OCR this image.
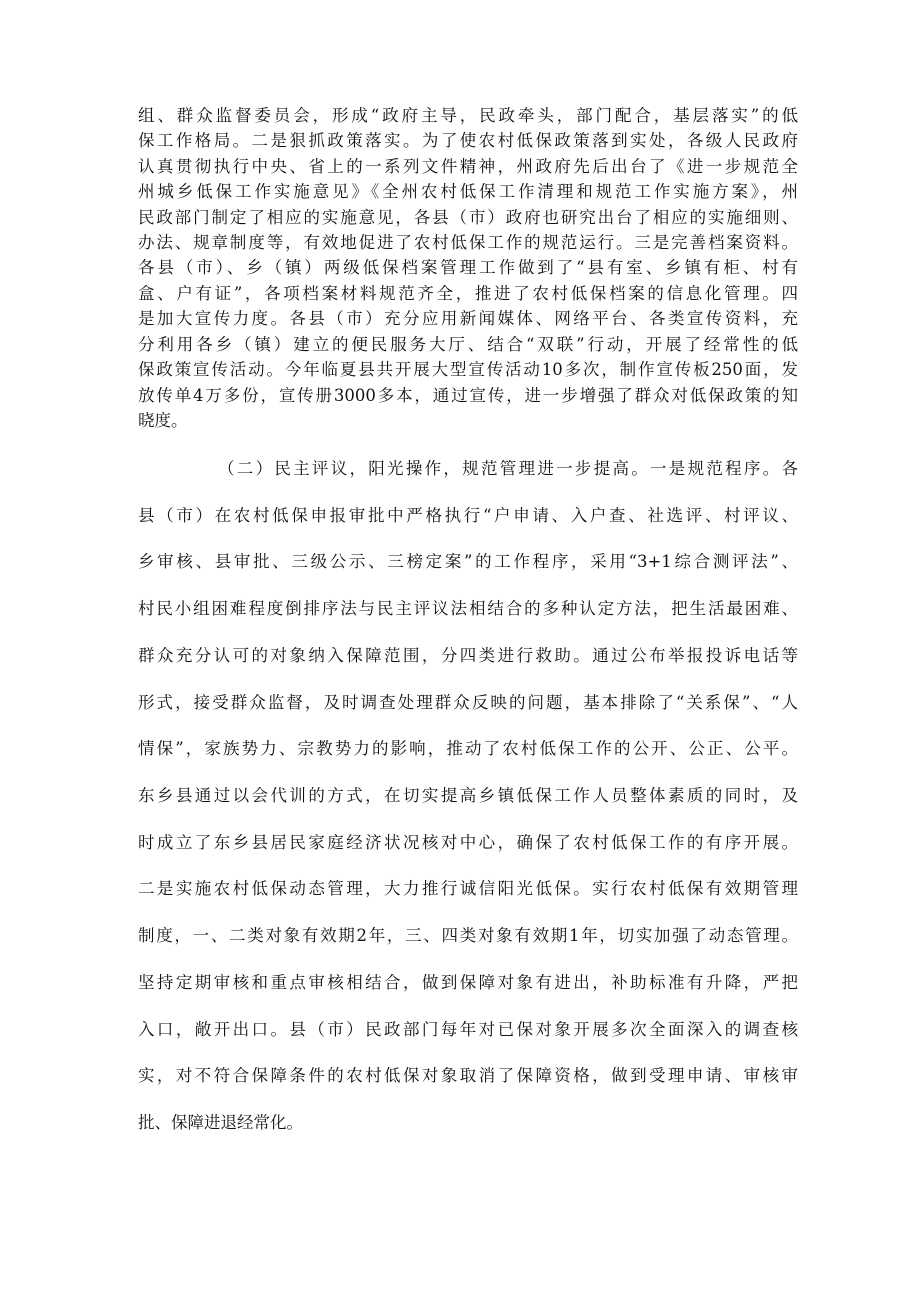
组、群众监督委员会，形成“政府主导，民政牵头，部门配合，基层落实”的低
保工作格局。二是狠抓政策落实。为了使农村低保政策落到实处，各级人民政府
认真贯彻执行中央、省上的一系列文件精神，州政府先后出台了《进一步规范全
州城乡低保工作实施意见》《全州农村低保工作清理和规范工作实施方案》，州
民政部门制定了相应的实施意见，各县（市）政府也研究出台了相应的实施细则、
办法、规章制度等，有效地促进了农村低保工作的规范运行。三是完善档案资料。
各县（市）、乡（镇）两级低保档案管理工作做到了“县有室、乡镇有柜、村有
盒、户有证”，各项档案材料规范齐全，推进了农村低保档案的信息化管理。四
是加大宣传力度。各县（市）充分应用新闻媒体、网络平台、各类宣传资料，充
分利用各乡（镇）建立的便民服务大厅、结合“双联”行动，开展了经常性的低
保政策宣传活动。今年临夏县共开展大型宣传活动10多次，制作宣传板250面，发
放传单4万多份，宣传册3000多本，通过宣传，进一步增强了群众对低保政策的知
晓度。
（二）民主评议，阳光操作，规范管理进一步提高。一是规范程序。各
县（市）在农村低保申报审批中严格执行“户申请、入户查、社选评、村评议、
乡审核、县审批、三级公示、三榜定案”的工作程序，采用“3+1综合测评法”、
村民小组困难程度倒排序法与民主评议法相结合的多种认定方法，把生活最困难、
群众充分认可的对象纳入保障范围，分四类进行救助。通过公布举报投诉电话等
形式，接受群众监督，及时调查处理群众反映的问题，基本排除了“关系保”、“人
情保”，家族势力、宗教势力的影响，推动了农村低保工作的公开、公正、公平。
东乡县通过以会代训的方式，在切实提高乡镇低保工作人员整体素质的同时，及
时成立了东乡县居民家庭经济状况核对中心，确保了农村低保工作的有序开展。
二是实施农村低保动态管理，大力推行诚信阳光低保。实行农村低保有效期管理
制度，一、二类对象有效期2年，三、四类对象有效期1年，切实加强了动态管理。
坚持定期审核和重点审核相结合，做到保障对象有进出，补助标准有升降，严把
入口，敞开出口。县（市）民政部门每年对已保对象开展多次全面深入的调查核
实，对不符合保障条件的农村低保对象取消了保障资格，做到受理申请、审核审
批、保障进退经常化。
